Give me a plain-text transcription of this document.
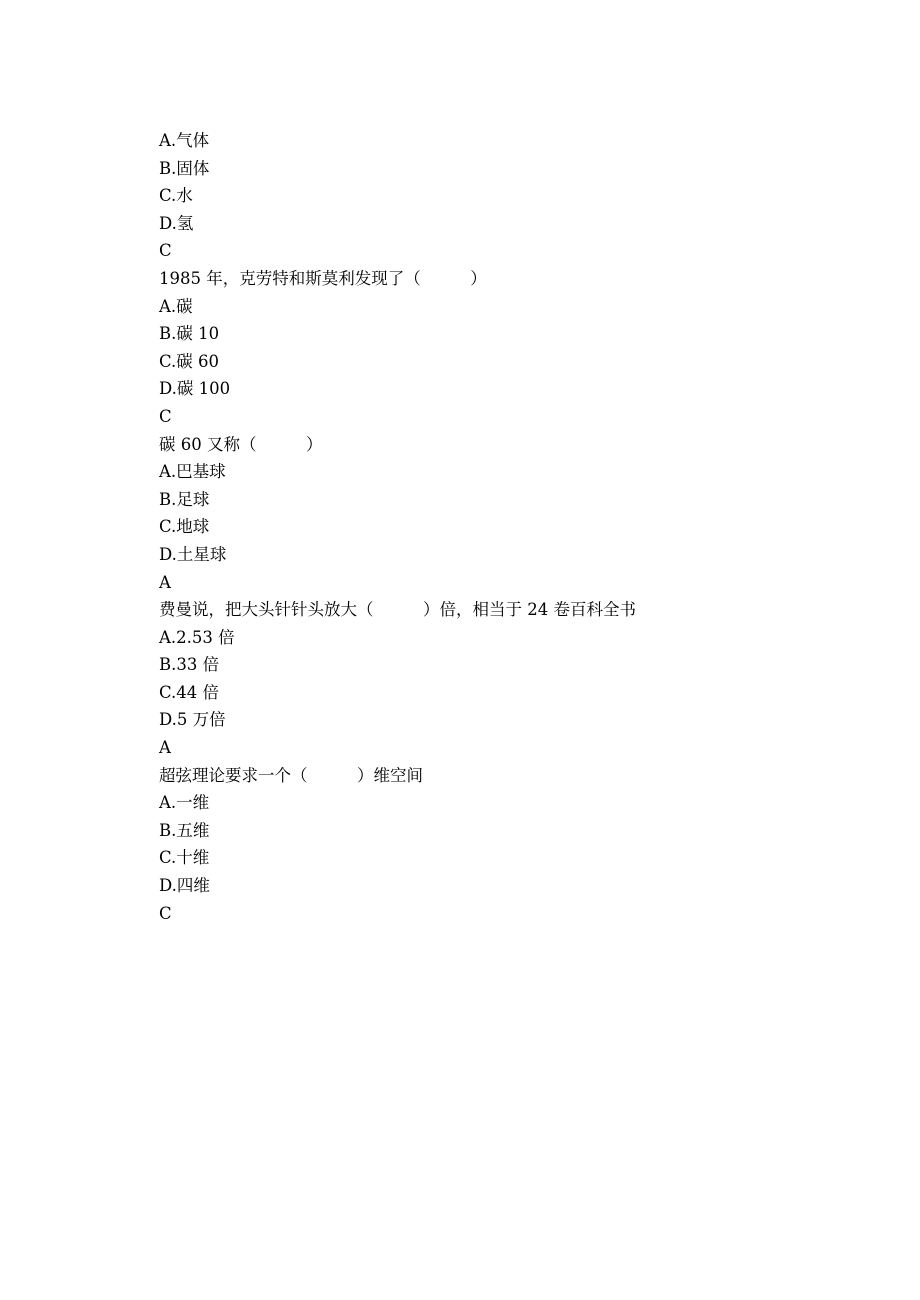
A.气体
B.固体
C.水
D.氢
C
1985 年，克劳特和斯莫利发现了（　　　）
A.碳
B.碳 10
C.碳 60
D.碳 100
C
碳 60 又称（　　　）
A.巴基球
B.足球
C.地球
D.土星球
A
费曼说，把大头针针头放大（　　　）倍，相当于 24 卷百科全书
A.2.53 倍
B.33 倍
C.44 倍
D.5 万倍
A
超弦理论要求一个（　　　）维空间
A.一维
B.五维
C.十维
D.四维
C
